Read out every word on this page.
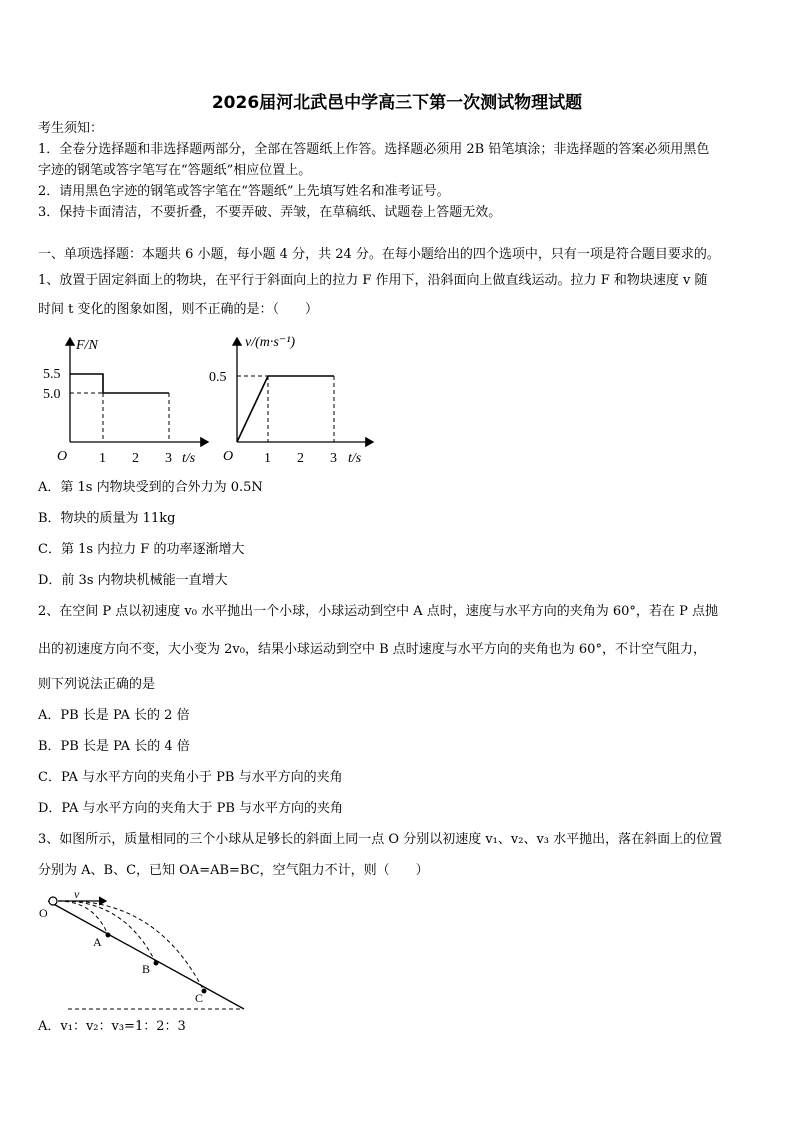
2026届河北武邑中学高三下第一次测试物理试题
考生须知：
1．全卷分选择题和非选择题两部分，全部在答题纸上作答。选择题必须用 2B 铅笔填涂；非选择题的答案必须用黑色
字迹的钢笔或答字笔写在“答题纸”相应位置上。
2．请用黑色字迹的钢笔或答字笔在“答题纸”上先填写姓名和准考证号。
3．保持卡面清洁，不要折叠，不要弄破、弄皱，在草稿纸、试题卷上答题无效。
一、单项选择题：本题共 6 小题，每小题 4 分，共 24 分。在每小题给出的四个选项中，只有一项是符合题目要求的。
1、放置于固定斜面上的物块，在平行于斜面向上的拉力 F 作用下，沿斜面向上做直线运动。拉力 F 和物块速度 v 随
时间 t 变化的图象如图，则不正确的是：（　　）
F/N
5.5
5.0
O 1 2 3 t/s
v/(m·s⁻¹)
0.5
O 1 2 3 t/s
A．第 1s 内物块受到的合外力为 0.5N
B．物块的质量为 11kg
C．第 1s 内拉力 F 的功率逐渐增大
D．前 3s 内物块机械能一直增大
2、在空间 P 点以初速度 v₀ 水平抛出一个小球，小球运动到空中 A 点时，速度与水平方向的夹角为 60°，若在 P 点抛
出的初速度方向不变，大小变为 2v₀，结果小球运动到空中 B 点时速度与水平方向的夹角也为 60°，不计空气阻力，
则下列说法正确的是
A．PB 长是 PA 长的 2 倍
B．PB 长是 PA 长的 4 倍
C．PA 与水平方向的夹角小于 PB 与水平方向的夹角
D．PA 与水平方向的夹角大于 PB 与水平方向的夹角
3、如图所示，质量相同的三个小球从足够长的斜面上同一点 O 分别以初速度 v₁、v₂、v₃ 水平抛出，落在斜面上的位置
分别为 A、B、C，已知 OA=AB=BC，空气阻力不计，则（　　）
v
O
A
B
C
A．v₁：v₂：v₃=1：2：3
